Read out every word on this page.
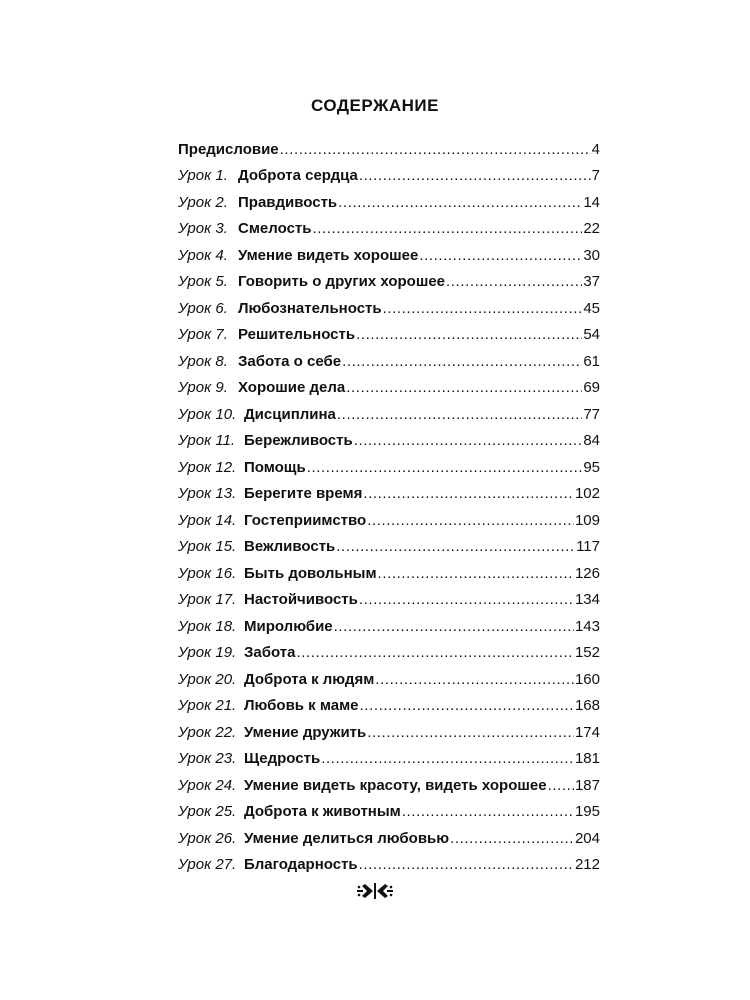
СОДЕРЖАНИЕ
Предисловие .....	4
Урок 1. Доброта сердца .....	7
Урок 2. Правдивость .....	14
Урок 3. Смелость .....	22
Урок 4. Умение видеть хорошее .....	30
Урок 5. Говорить о других хорошее .....	37
Урок 6. Любознательность .....	45
Урок 7. Решительность .....	54
Урок 8. Забота о себе .....	61
Урок 9. Хорошие дела .....	69
Урок 10. Дисциплина .....	77
Урок 11. Бережливость .....	84
Урок 12. Помощь .....	95
Урок 13. Берегите время .....	102
Урок 14. Гостеприимство .....	109
Урок 15. Вежливость .....	117
Урок 16. Быть довольным .....	126
Урок 17. Настойчивость .....	134
Урок 18. Миролюбие .....	143
Урок 19. Забота .....	152
Урок 20. Доброта к людям .....	160
Урок 21. Любовь к маме .....	168
Урок 22. Умение дружить .....	174
Урок 23. Щедрость .....	181
Урок 24. Умение видеть красоту, видеть хорошее ..... 187
Урок 25. Доброта к животным .....	195
Урок 26. Умение делиться любовью .....	204
Урок 27. Благодарность .....	212
